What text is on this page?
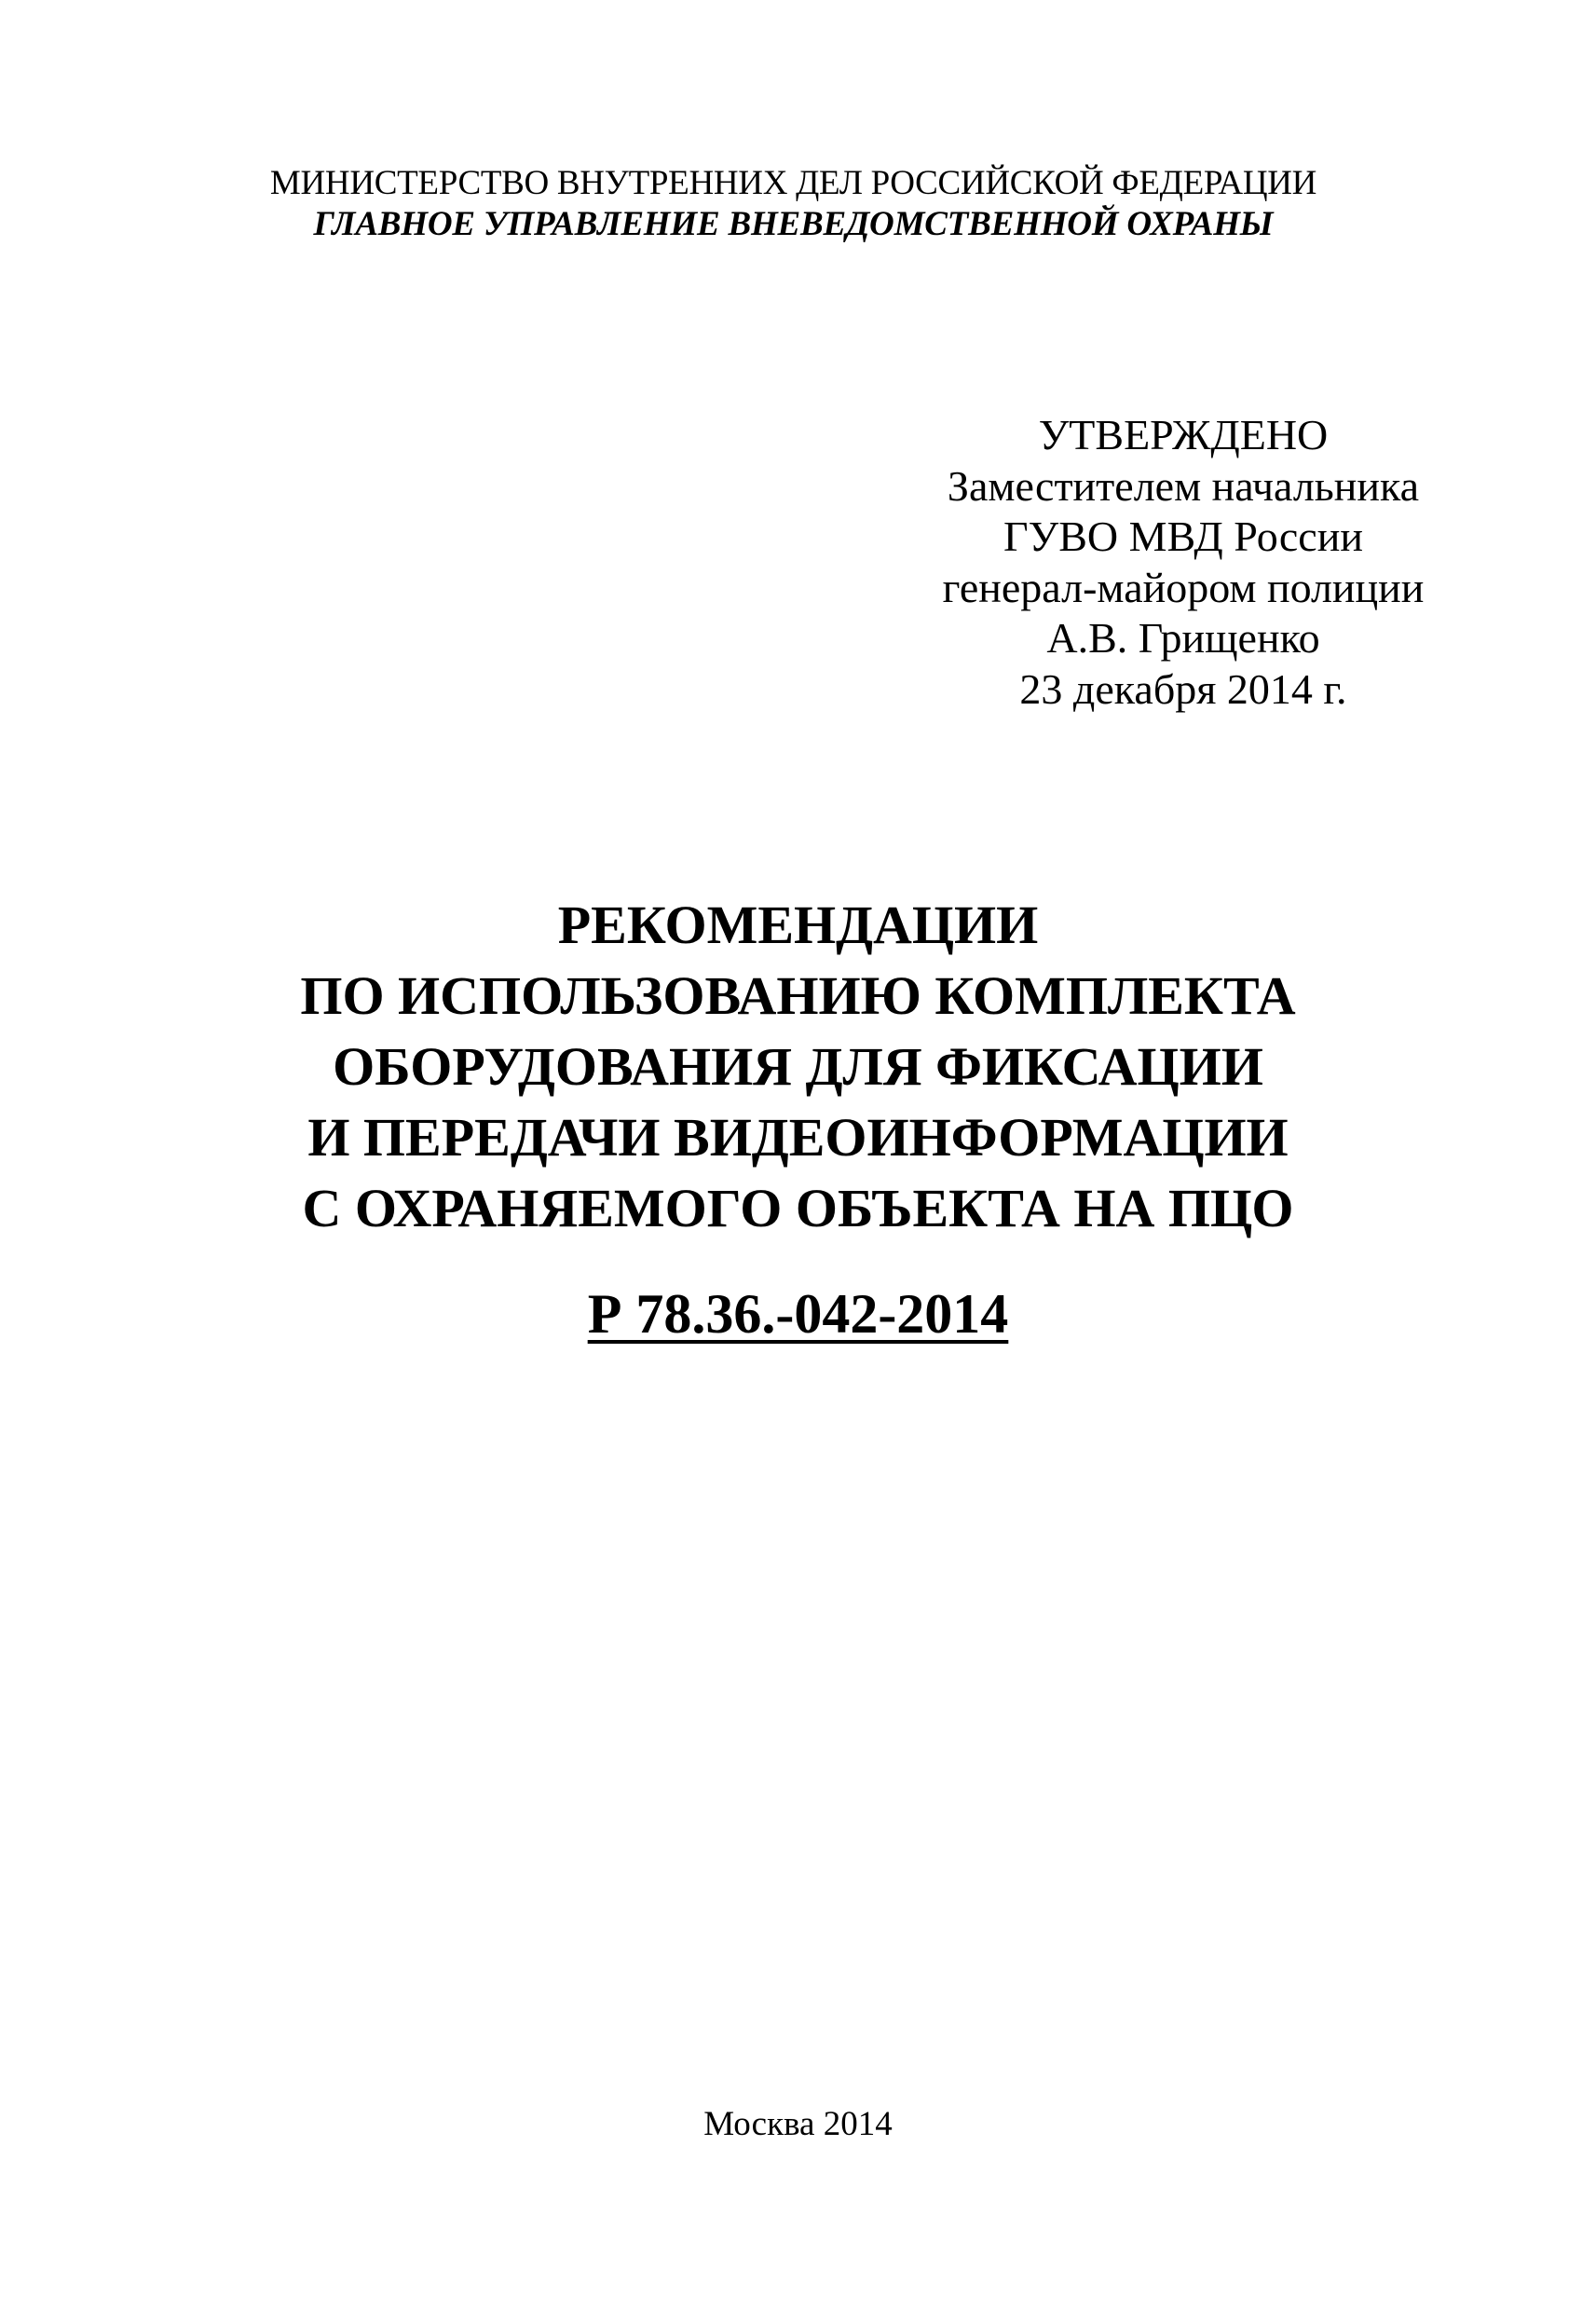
МИНИСТЕРСТВО ВНУТРЕННИХ ДЕЛ РОССИЙСКОЙ ФЕДЕРАЦИИ
ГЛАВНОЕ УПРАВЛЕНИЕ ВНЕВЕДОМСТВЕННОЙ ОХРАНЫ
УТВЕРЖДЕНО
Заместителем начальника
ГУВО МВД России
генерал-майором полиции
А.В. Грищенко
23 декабря 2014 г.
РЕКОМЕНДАЦИИ
ПО ИСПОЛЬЗОВАНИЮ КОМПЛЕКТА
ОБОРУДОВАНИЯ ДЛЯ ФИКСАЦИИ
И ПЕРЕДАЧИ ВИДЕОИНФОРМАЦИИ
С ОХРАНЯЕМОГО ОБЪЕКТА НА ПЦО
Р 78.36.-042-2014
Москва 2014
